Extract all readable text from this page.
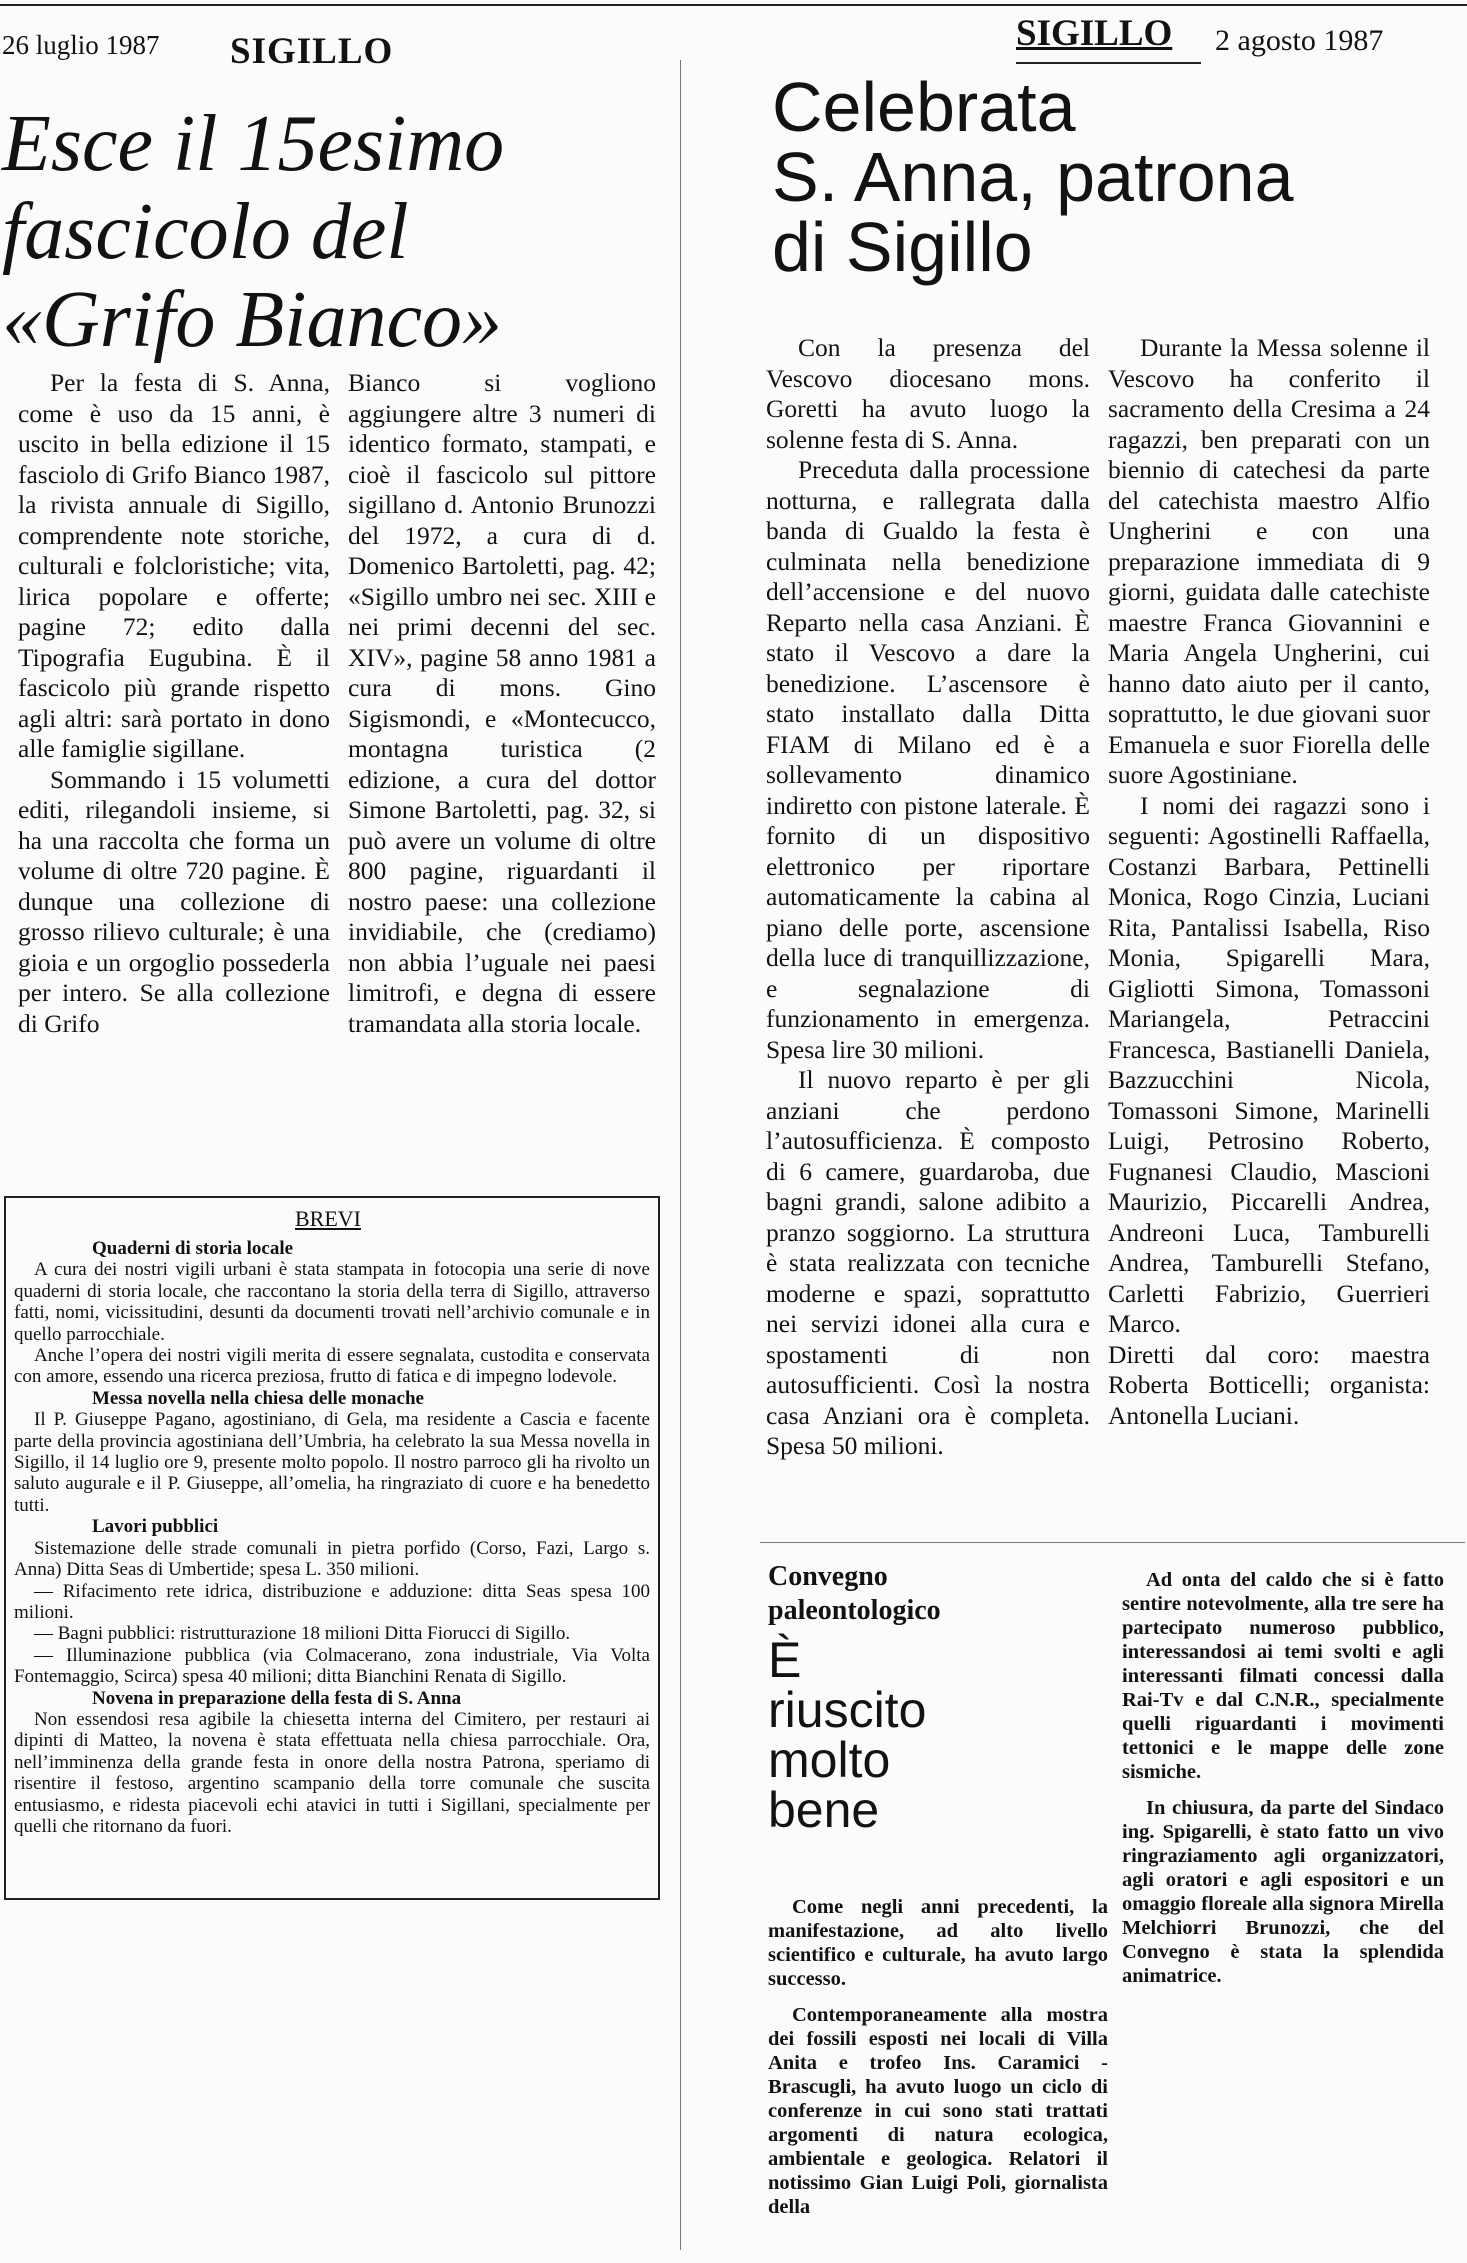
26 luglio 1987 SIGILLO
Esce il 15esimo
fascicolo del
«Grifo Bianco»

Per la festa di S. Anna, come è uso da 15 anni, è uscito in bella edizione il 15 fasciolo di Grifo Bianco 1987, la rivista annuale di Sigillo, comprendente note storiche, culturali e folcloristiche; vita, lirica popolare e offerte; pagine 72; edito dalla Tipografia Eugubina. È il fascicolo più grande rispetto agli altri: sarà portato in dono alle famiglie sigillane.

Sommando i 15 volumetti editi, rilegandoli insieme, si ha una raccolta che forma un volume di oltre 720 pagine. È dunque una collezione di grosso rilievo culturale; è una gioia e un orgoglio possederla per intero. Se alla collezione di Grifo

Bianco si vogliono aggiungere altre 3 numeri di identico formato, stampati, e cioè il fascicolo sul pittore sigillano d. Antonio Brunozzi del 1972, a cura di d. Domenico Bartoletti, pag. 42; «Sigillo umbro nei sec. XIII e nei primi decenni del sec. XIV», pagine 58 anno 1981 a cura di mons. Gino Sigismondi, e «Montecucco, montagna turistica (2 edizione, a cura del dottor Simone Bartoletti, pag. 32, si può avere un volume di oltre 800 pagine, riguardanti il nostro paese: una collezione invidiabile, che (crediamo) non abbia l’uguale nei paesi limitrofi, e degna di essere tramandata alla storia locale.

BREVI
Quaderni di storia locale
A cura dei nostri vigili urbani è stata stampata in fotocopia una serie di nove quaderni di storia locale, che raccontano la storia della terra di Sigillo, attraverso fatti, nomi, vicissitudini, desunti da documenti trovati nell’archivio comunale e in quello parrocchiale.
Anche l’opera dei nostri vigili merita di essere segnalata, custodita e conservata con amore, essendo una ricerca preziosa, frutto di fatica e di impegno lodevole.
Messa novella nella chiesa delle monache
Il P. Giuseppe Pagano, agostiniano, di Gela, ma residente a Cascia e facente parte della provincia agostiniana dell’Umbria, ha celebrato la sua Messa novella in Sigillo, il 14 luglio ore 9, presente molto popolo. Il nostro parroco gli ha rivolto un saluto augurale e il P. Giuseppe, all’omelia, ha ringraziato di cuore e ha benedetto tutti.
Lavori pubblici
Sistemazione delle strade comunali in pietra porfido (Corso, Fazi, Largo s. Anna) Ditta Seas di Umbertide; spesa L. 350 milioni.
— Rifacimento rete idrica, distribuzione e adduzione: ditta Seas spesa 100 milioni.
— Bagni pubblici: ristrutturazione 18 milioni Ditta Fiorucci di Sigillo.
— Illuminazione pubblica (via Colmacerano, zona industriale, Via Volta Fontemaggio, Scirca) spesa 40 milioni; ditta Bianchini Renata di Sigillo.
Novena in preparazione della festa di S. Anna
Non essendosi resa agibile la chiesetta interna del Cimitero, per restauri ai dipinti di Matteo, la novena è stata effettuata nella chiesa parrocchiale. Ora, nell’imminenza della grande festa in onore della nostra Patrona, speriamo di risentire il festoso, argentino scampanio della torre comunale che suscita entusiasmo, e ridesta piacevoli echi atavici in tutti i Sigillani, specialmente per quelli che ritornano da fuori.
SIGILLO 2 agosto 1987
Celebrata
S. Anna, patrona
di Sigillo

Con la presenza del Vescovo diocesano mons. Goretti ha avuto luogo la solenne festa di S. Anna.

Preceduta dalla processione notturna, e rallegrata dalla banda di Gualdo la festa è culminata nella benedizione dell’accensione e del nuovo Reparto nella casa Anziani. È stato il Vescovo a dare la benedizione. L’ascensore è stato installato dalla Ditta FIAM di Milano ed è a sollevamento dinamico indiretto con pistone laterale. È fornito di un dispositivo elettronico per riportare automaticamente la cabina al piano delle porte, ascensione della luce di tranquillizzazione, e segnalazione di funzionamento in emergenza. Spesa lire 30 milioni.

Il nuovo reparto è per gli anziani che perdono l’autosufficienza. È composto di 6 camere, guardaroba, due bagni grandi, salone adibito a pranzo soggiorno. La struttura è stata realizzata con tecniche moderne e spazi, soprattutto nei servizi idonei alla cura e spostamenti di non autosufficienti. Così la nostra casa Anziani ora è completa. Spesa 50 milioni.

Durante la Messa solenne il Vescovo ha conferito il sacramento della Cresima a 24 ragazzi, ben preparati con un biennio di catechesi da parte del catechista maestro Alfio Ungherini e con una preparazione immediata di 9 giorni, guidata dalle catechiste maestre Franca Giovannini e Maria Angela Ungherini, cui hanno dato aiuto per il canto, soprattutto, le due giovani suor Emanuela e suor Fiorella delle suore Agostiniane.

I nomi dei ragazzi sono i seguenti: Agostinelli Raffaella, Costanzi Barbara, Pettinelli Monica, Rogo Cinzia, Luciani Rita, Pantalissi Isabella, Riso Monia, Spigarelli Mara, Gigliotti Simona, Tomassoni Mariangela, Petraccini Francesca, Bastianelli Daniela, Bazzucchini Nicola, Tomassoni Simone, Marinelli Luigi, Petrosino Roberto, Fugnanesi Claudio, Mascioni Maurizio, Piccarelli Andrea, Andreoni Luca, Tamburelli Andrea, Tamburelli Stefano, Carletti Fabrizio, Guerrieri Marco.

Diretti dal coro: maestra Roberta Botticelli; organista: Antonella Luciani.

Convegno
paleontologico
È
riuscito
molto
bene

Come negli anni precedenti, la manifestazione, ad alto livello scientifico e culturale, ha avuto largo successo.

Contemporaneamente alla mostra dei fossili esposti nei locali di Villa Anita e trofeo Ins. Caramici - Brascugli, ha avuto luogo un ciclo di conferenze in cui sono stati trattati argomenti di natura ecologica, ambientale e geologica. Relatori il notissimo Gian Luigi Poli, giornalista della

Ad onta del caldo che si è fatto sentire notevolmente, alla tre sere ha partecipato numeroso pubblico, interessandosi ai temi svolti e agli interessanti filmati concessi dalla Rai-Tv e dal C.N.R., specialmente quelli riguardanti i movimenti tettonici e le mappe delle zone sismiche.

In chiusura, da parte del Sindaco ing. Spigarelli, è stato fatto un vivo ringraziamento agli organizzatori, agli oratori e agli espositori e un omaggio floreale alla signora Mirella Melchiorri Brunozzi, che del Convegno è stata la splendida animatrice.
